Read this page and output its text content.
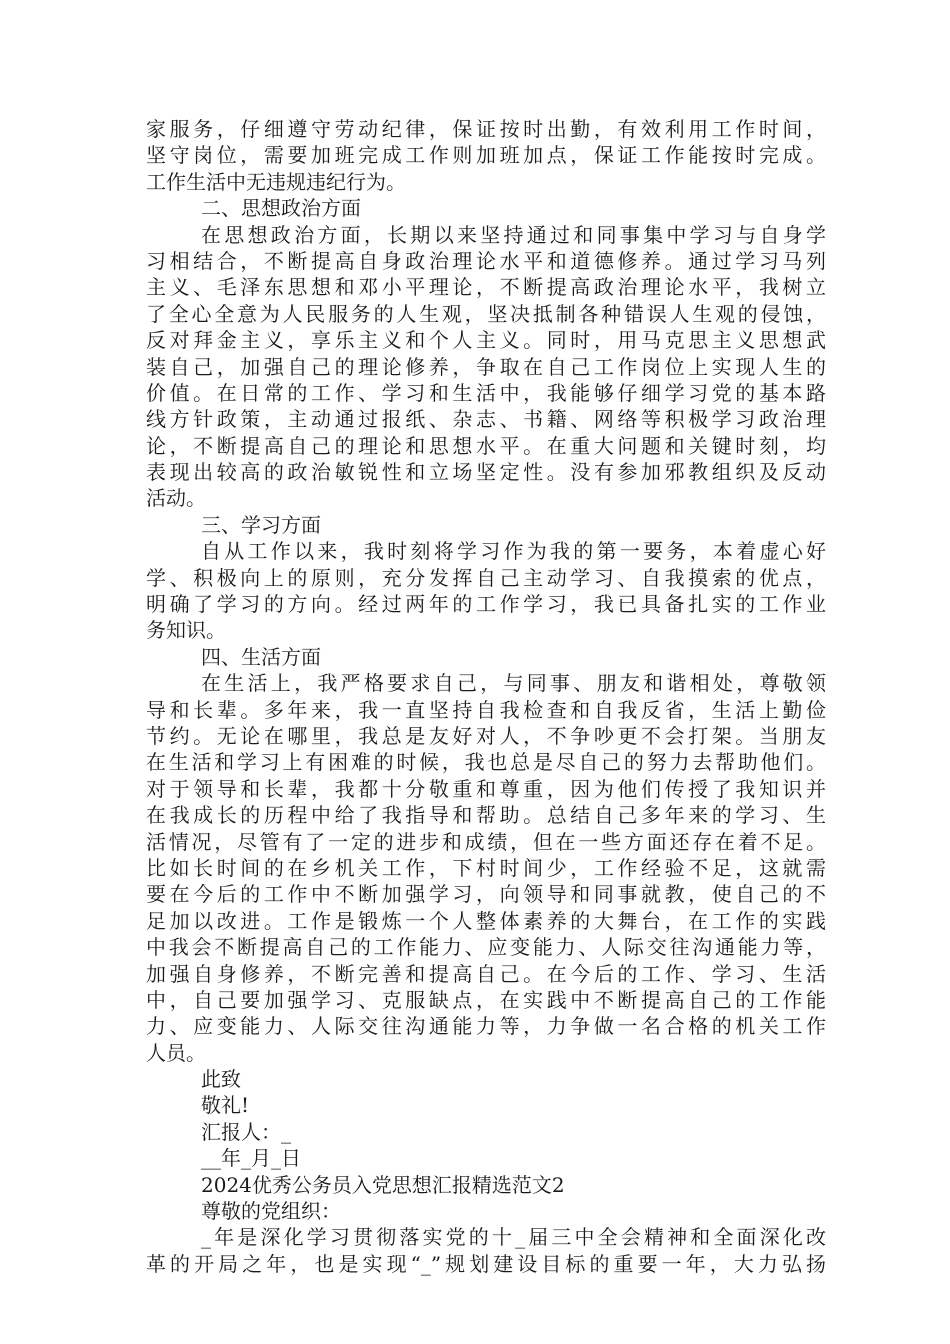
家服务，仔细遵守劳动纪律，保证按时出勤，有效利用工作时间，
坚守岗位，需要加班完成工作则加班加点，保证工作能按时完成。
工作生活中无违规违纪行为。
二、思想政治方面
在思想政治方面，长期以来坚持通过和同事集中学习与自身学
习相结合，不断提高自身政治理论水平和道德修养。通过学习马列
主义、毛泽东思想和邓小平理论，不断提高政治理论水平，我树立
了全心全意为人民服务的人生观，坚决抵制各种错误人生观的侵蚀，
反对拜金主义，享乐主义和个人主义。同时，用马克思主义思想武
装自己，加强自己的理论修养，争取在自己工作岗位上实现人生的
价值。在日常的工作、学习和生活中，我能够仔细学习党的基本路
线方针政策，主动通过报纸、杂志、书籍、网络等积极学习政治理
论，不断提高自己的理论和思想水平。在重大问题和关键时刻，均
表现出较高的政治敏锐性和立场坚定性。没有参加邪教组织及反动
活动。
三、学习方面
自从工作以来，我时刻将学习作为我的第一要务，本着虚心好
学、积极向上的原则，充分发挥自己主动学习、自我摸索的优点，
明确了学习的方向。经过两年的工作学习，我已具备扎实的工作业
务知识。
四、生活方面
在生活上，我严格要求自己，与同事、朋友和谐相处，尊敬领
导和长辈。多年来，我一直坚持自我检查和自我反省，生活上勤俭
节约。无论在哪里，我总是友好对人，不争吵更不会打架。当朋友
在生活和学习上有困难的时候，我也总是尽自己的努力去帮助他们。
对于领导和长辈，我都十分敬重和尊重，因为他们传授了我知识并
在我成长的历程中给了我指导和帮助。总结自己多年来的学习、生
活情况，尽管有了一定的进步和成绩，但在一些方面还存在着不足。
比如长时间的在乡机关工作，下村时间少，工作经验不足，这就需
要在今后的工作中不断加强学习，向领导和同事就教，使自己的不
足加以改进。工作是锻炼一个人整体素养的大舞台，在工作的实践
中我会不断提高自己的工作能力、应变能力、人际交往沟通能力等，
加强自身修养，不断完善和提高自己。在今后的工作、学习、生活
中，自己要加强学习、克服缺点，在实践中不断提高自己的工作能
力、应变能力、人际交往沟通能力等，力争做一名合格的机关工作
人员。
此致
敬礼!
汇报人：_
__年_月_日
2024优秀公务员入党思想汇报精选范文2
尊敬的党组织：
_年是深化学习贯彻落实党的十_届三中全会精神和全面深化改
革的开局之年，也是实现“_”规划建设目标的重要一年，大力弘扬
